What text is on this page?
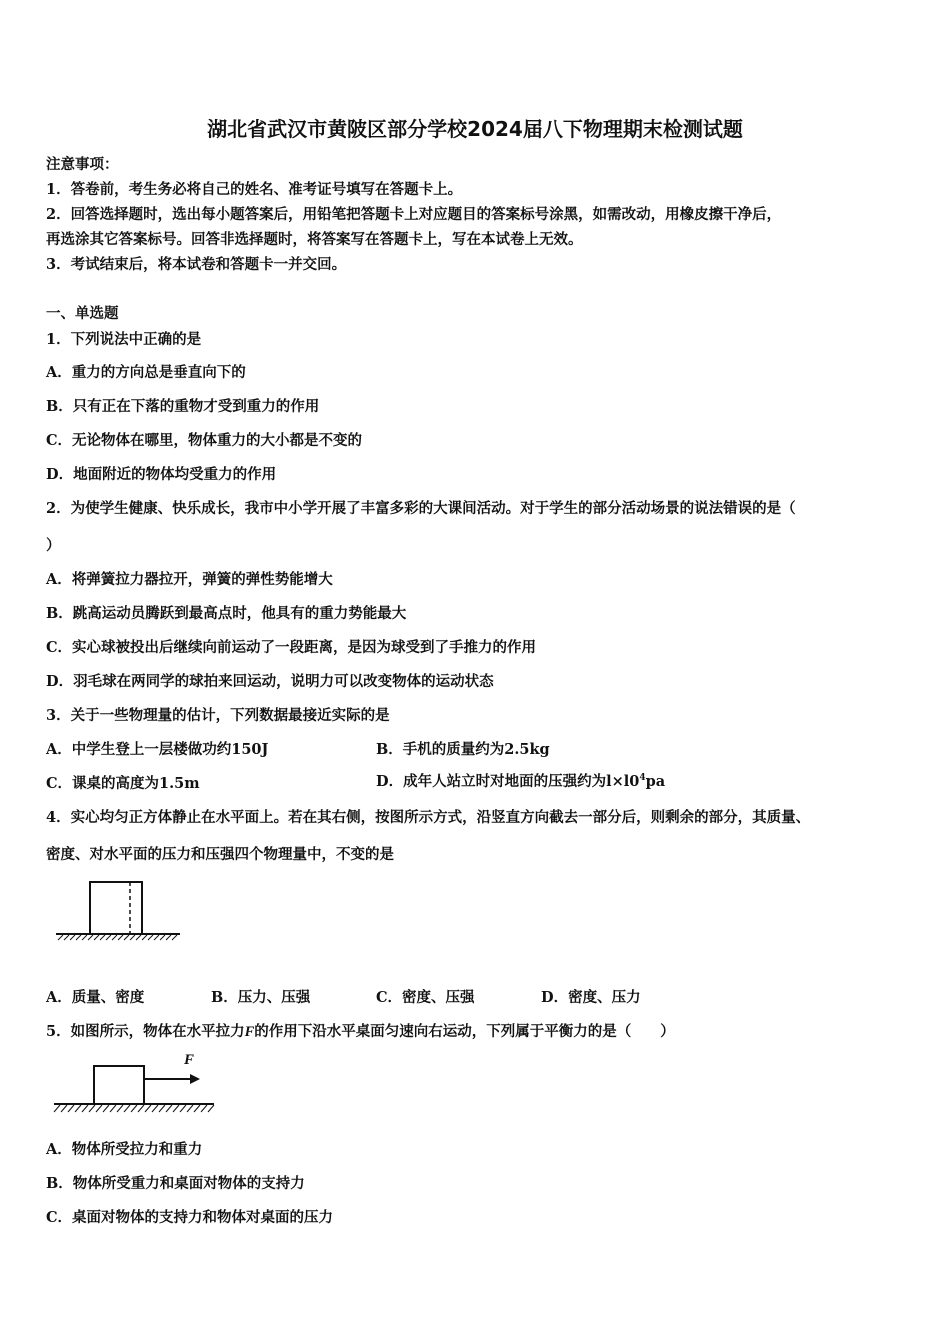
湖北省武汉市黄陂区部分学校2024届八下物理期末检测试题
注意事项：
1．答卷前，考生务必将自己的姓名、准考证号填写在答题卡上。
2．回答选择题时，选出每小题答案后，用铅笔把答题卡上对应题目的答案标号涂黑，如需改动，用橡皮擦干净后，
再选涂其它答案标号。回答非选择题时，将答案写在答题卡上，写在本试卷上无效。
3．考试结束后，将本试卷和答题卡一并交回。
一、单选题
1．下列说法中正确的是
A．重力的方向总是垂直向下的
B．只有正在下落的重物才受到重力的作用
C．无论物体在哪里，物体重力的大小都是不变的
D．地面附近的物体均受重力的作用
2．为使学生健康、快乐成长，我市中小学开展了丰富多彩的大课间活动。对于学生的部分活动场景的说法错误的是（
）
A．将弹簧拉力器拉开，弹簧的弹性势能增大
B．跳高运动员腾跃到最高点时，他具有的重力势能最大
C．实心球被投出后继续向前运动了一段距离，是因为球受到了手推力的作用
D．羽毛球在两同学的球拍来回运动，说明力可以改变物体的运动状态
3．关于一些物理量的估计，下列数据最接近实际的是
A．中学生登上一层楼做功约150J	B．手机的质量约为2.5kg
C．课桌的高度为1.5m	D．成年人站立时对地面的压强约为$l\times l0^4pa$
4．实心均匀正方体静止在水平面上。若在其右侧，按图所示方式，沿竖直方向截去一部分后，则剩余的部分，其质量、
密度、对水平面的压力和压强四个物理量中，不变的是
A．质量、密度	B．压力、压强	C．密度、压强	D．密度、压力
5．如图所示，物体在水平拉力F的作用下沿水平桌面匀速向右运动，下列属于平衡力的是（　　）
F
A．物体所受拉力和重力
B．物体所受重力和桌面对物体的支持力
C．桌面对物体的支持力和物体对桌面的压力
